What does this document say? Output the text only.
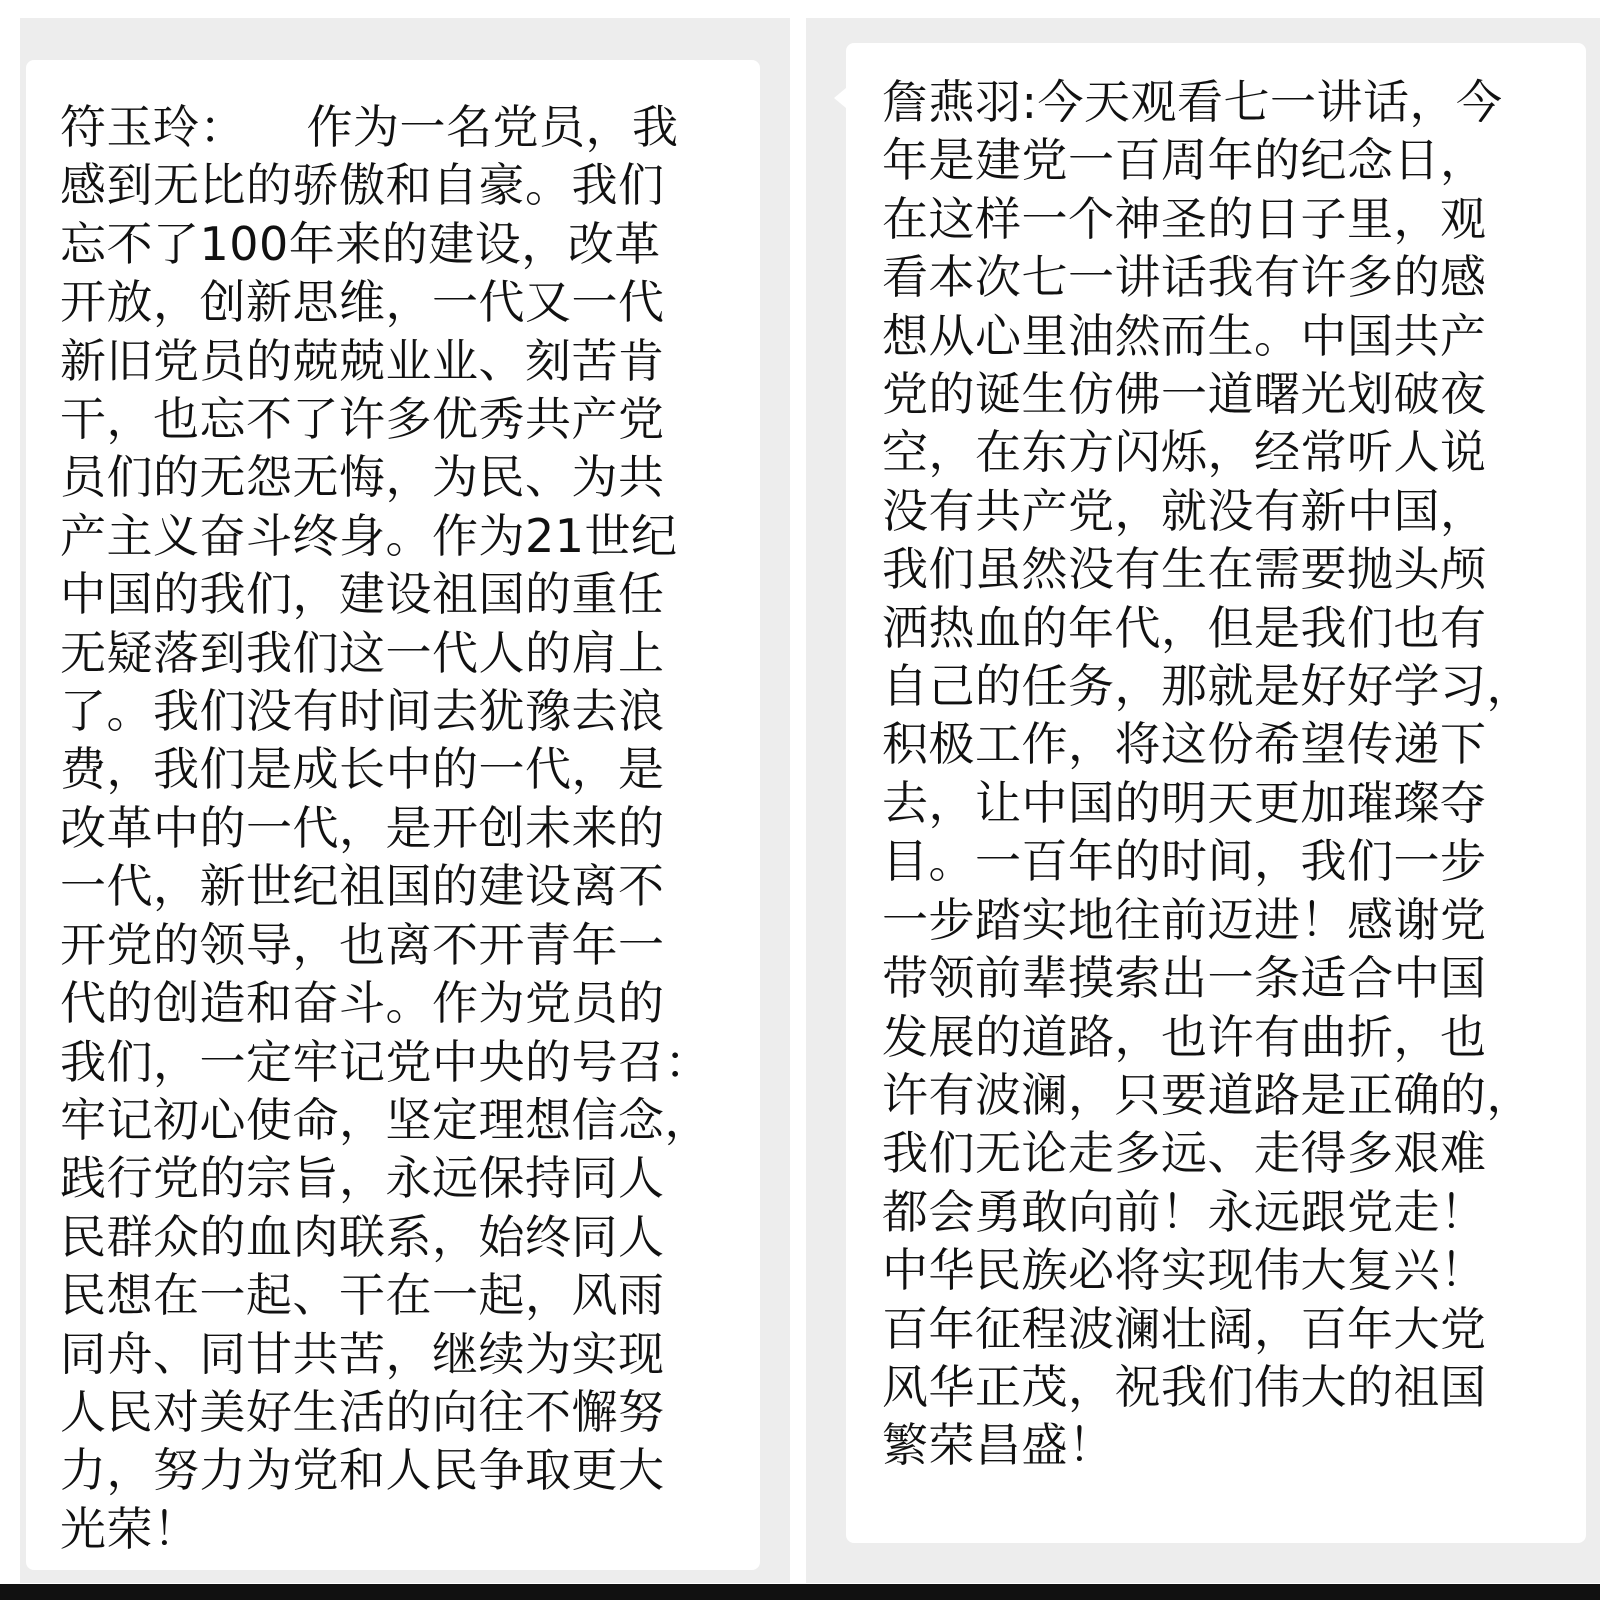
符玉玲：    作为一名党员，我
感到无比的骄傲和自豪。我们
忘不了100年来的建设，改革
开放，创新思维，一代又一代
新旧党员的兢兢业业、刻苦肯
干，也忘不了许多优秀共产党
员们的无怨无悔，为民、为共
产主义奋斗终身。作为21世纪
中国的我们，建设祖国的重任
无疑落到我们这一代人的肩上
了。我们没有时间去犹豫去浪
费，我们是成长中的一代，是
改革中的一代，是开创未来的
一代，新世纪祖国的建设离不
开党的领导，也离不开青年一
代的创造和奋斗。作为党员的
我们，一定牢记党中央的号召：
牢记初心使命，坚定理想信念，
践行党的宗旨，永远保持同人
民群众的血肉联系，始终同人
民想在一起、干在一起，风雨
同舟、同甘共苦，继续为实现
人民对美好生活的向往不懈努
力，努力为党和人民争取更大
光荣！

詹燕羽:今天观看七一讲话，今
年是建党一百周年的纪念日，
在这样一个神圣的日子里，观
看本次七一讲话我有许多的感
想从心里油然而生。中国共产
党的诞生仿佛一道曙光划破夜
空，在东方闪烁，经常听人说
没有共产党，就没有新中国，
我们虽然没有生在需要抛头颅
洒热血的年代，但是我们也有
自己的任务，那就是好好学习，
积极工作，将这份希望传递下
去，让中国的明天更加璀璨夺
目。一百年的时间，我们一步
一步踏实地往前迈进！感谢党
带领前辈摸索出一条适合中国
发展的道路，也许有曲折，也
许有波澜，只要道路是正确的，
我们无论走多远、走得多艰难
都会勇敢向前！永远跟党走！
中华民族必将实现伟大复兴！
百年征程波澜壮阔，百年大党
风华正茂，祝我们伟大的祖国
繁荣昌盛！
